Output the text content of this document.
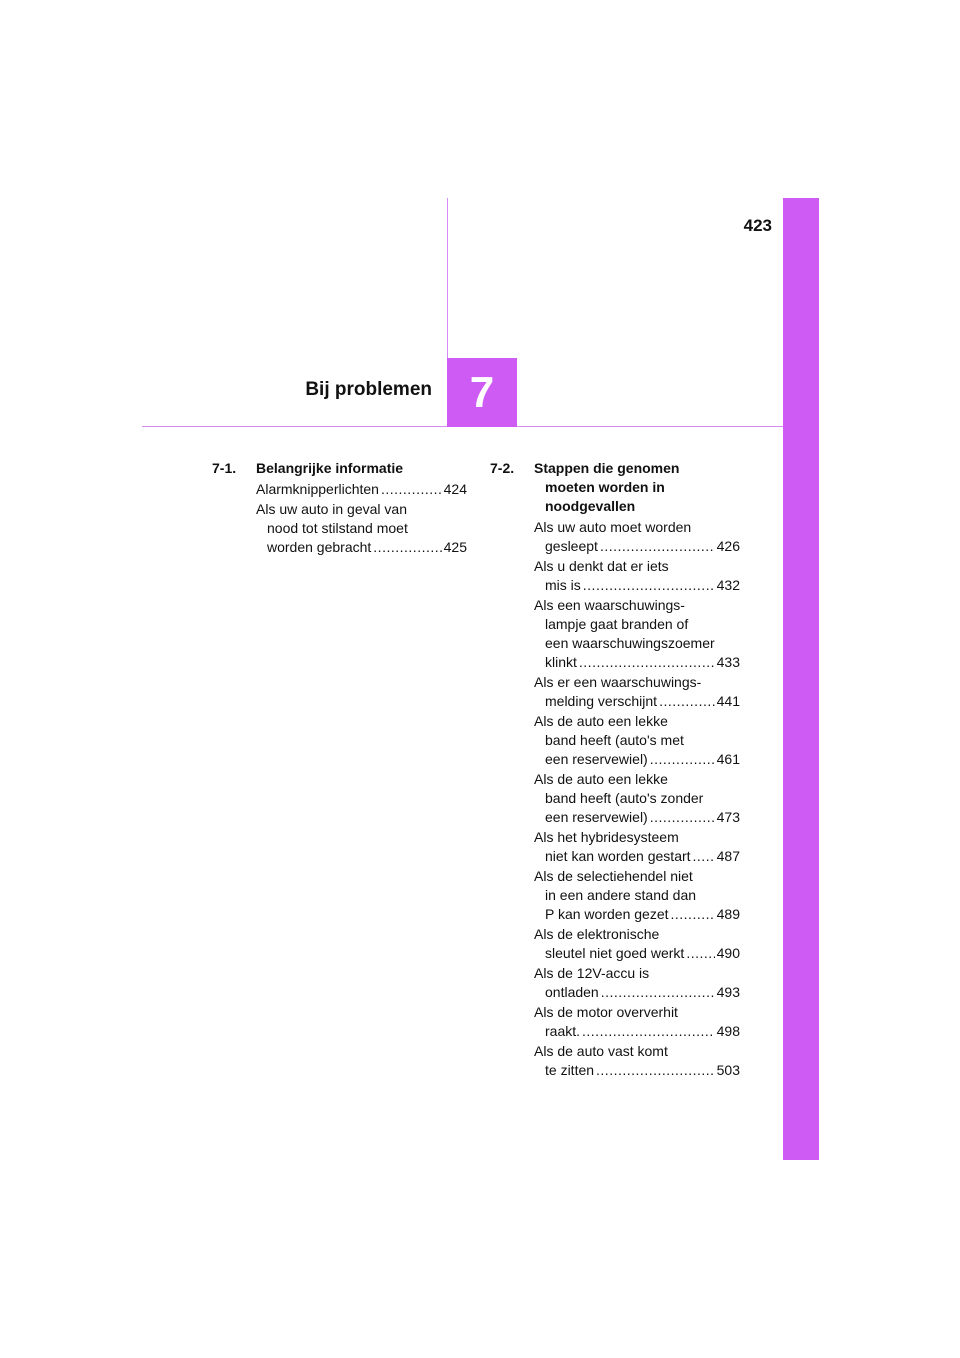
423
7
Bij problemen
7-1.	Belangrijke informatie
Alarmknipperlichten .....	424
Als uw auto in geval van
nood tot stilstand moet
worden gebracht .....	425
7-2.	Stappen die genomen
moeten worden in
noodgevallen
Als uw auto moet worden
gesleept .....	426
Als u denkt dat er iets
mis is .....	432
Als een waarschuwings-
lampje gaat branden of
een waarschuwingszoemer
klinkt .....	433
Als er een waarschuwings-
melding verschijnt .....	441
Als de auto een lekke
band heeft (auto's met
een reservewiel) .....	461
Als de auto een lekke
band heeft (auto's zonder
een reservewiel) .....	473
Als het hybridesysteem
niet kan worden gestart ..... 487
Als de selectiehendel niet
in een andere stand dan
P kan worden gezet .....	489
Als de elektronische
sleutel niet goed werkt ..... 490
Als de 12V-accu is
ontladen .....	493
Als de motor oververhit
raakt. .....	498
Als de auto vast komt
te zitten .....	503
